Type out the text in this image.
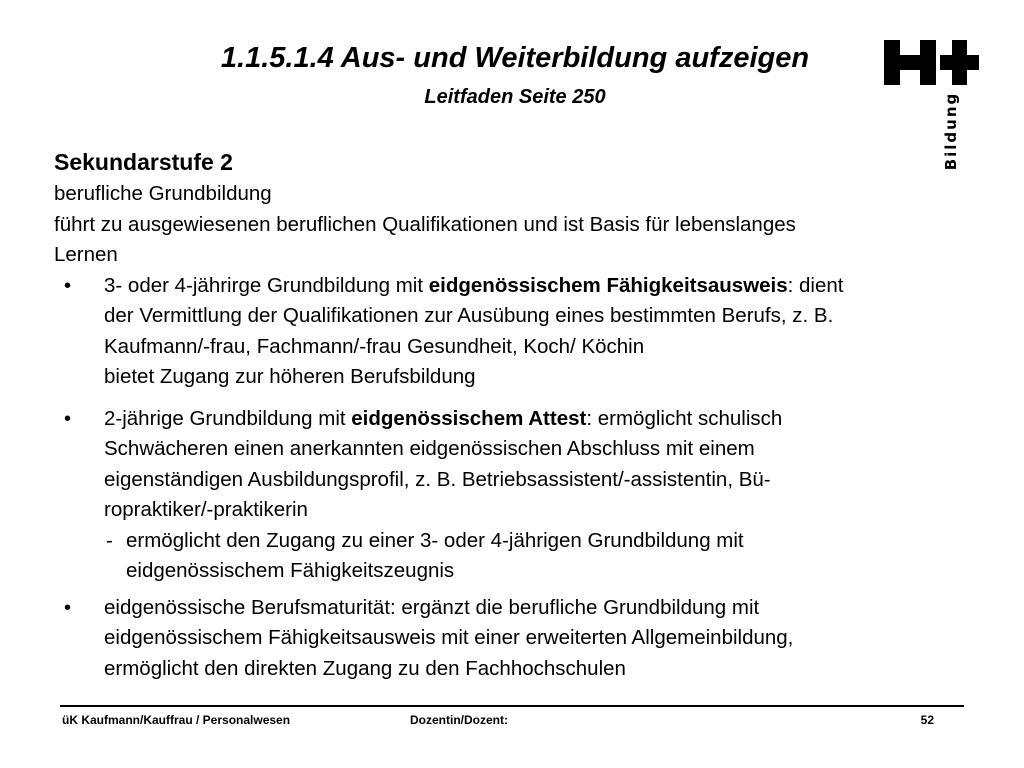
1.1.5.1.4 Aus- und Weiterbildung aufzeigen
Leitfaden Seite 250	Bildung
Sekundarstufe 2
berufliche Grundbildung
führt zu ausgewiesenen beruflichen Qualifikationen und ist Basis für lebenslanges
Lernen
• 3- oder 4-jährirge Grundbildung mit eidgenössischem Fähigkeitsausweis: dient
der Vermittlung der Qualifikationen zur Ausübung eines bestimmten Berufs, z. B.
Kaufmann/-frau, Fachmann/-frau Gesundheit, Koch/ Köchin
bietet Zugang zur höheren Berufsbildung
• 2-jährige Grundbildung mit eidgenössischem Attest: ermöglicht schulisch
Schwächeren einen anerkannten eidgenössischen Abschluss mit einem
eigenständigen Ausbildungsprofil, z. B. Betriebsassistent/-assistentin, Bü-
ropraktiker/-praktikerin
- ermöglicht den Zugang zu einer 3- oder 4-jährigen Grundbildung mit
eidgenössischem Fähigkeitszeugnis
• eidgenössische Berufsmaturität: ergänzt die berufliche Grundbildung mit
eidgenössischem Fähigkeitsausweis mit einer erweiterten Allgemeinbildung,
ermöglicht den direkten Zugang zu den Fachhochschulen
üK Kaufmann/Kauffrau / Personalwesen	Dozentin/Dozent:	52
